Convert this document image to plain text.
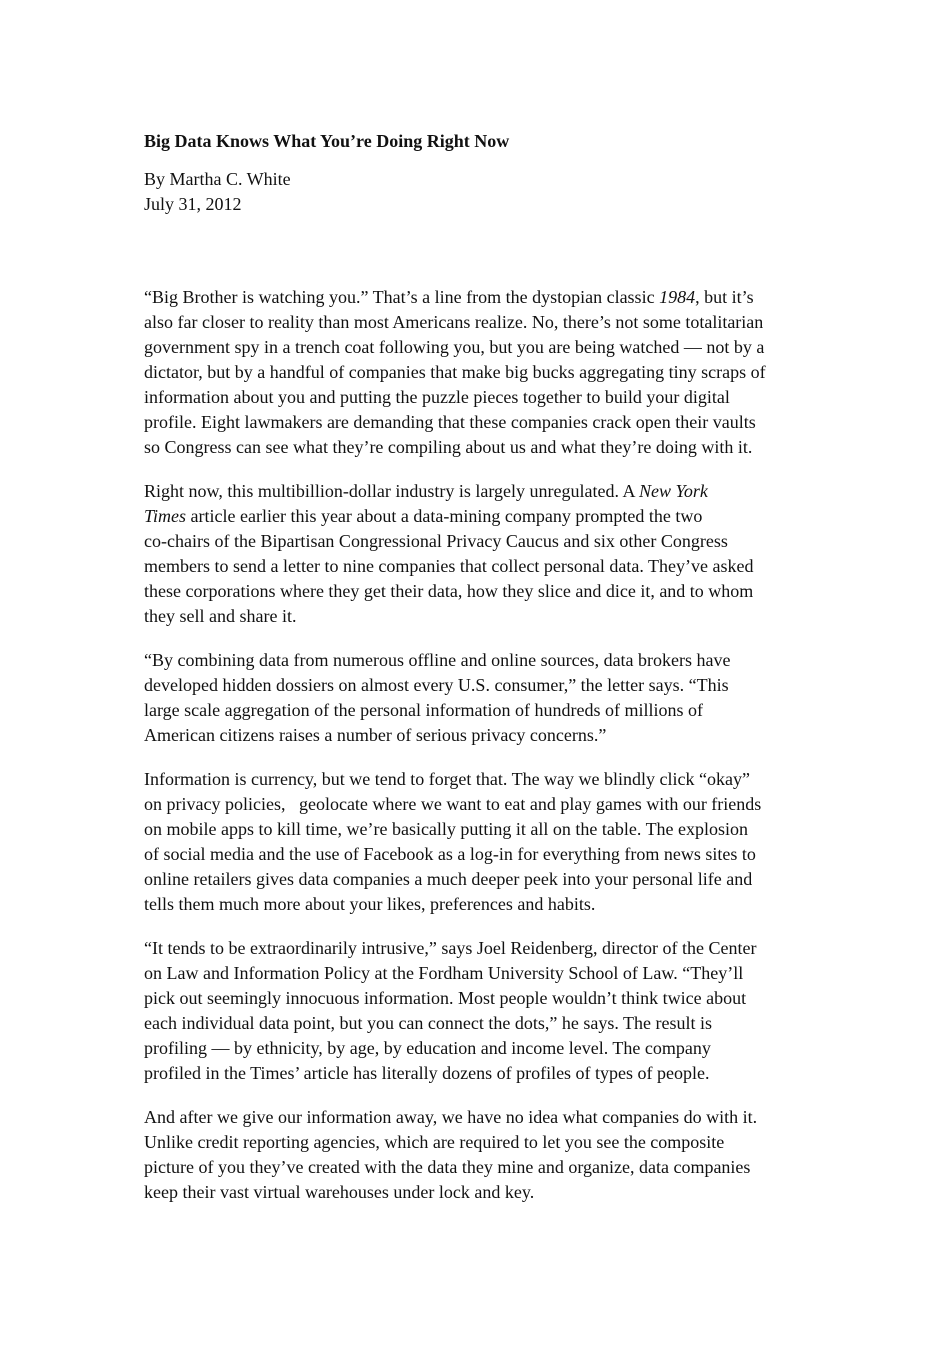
Big Data Knows What You’re Doing Right Now
By Martha C. White
July 31, 2012

“Big Brother is watching you.” That’s a line from the dystopian classic 1984, but it’s
also far closer to reality than most Americans realize. No, there’s not some totalitarian
government spy in a trench coat following you, but you are being watched — not by a
dictator, but by a handful of companies that make big bucks aggregating tiny scraps of
information about you and putting the puzzle pieces together to build your digital
profile. Eight lawmakers are demanding that these companies crack open their vaults
so Congress can see what they’re compiling about us and what they’re doing with it.

Right now, this multibillion-dollar industry is largely unregulated. A New York
Times article earlier this year about a data-mining company prompted the two
co-chairs of the Bipartisan Congressional Privacy Caucus and six other Congress
members to send a letter to nine companies that collect personal data. They’ve asked
these corporations where they get their data, how they slice and dice it, and to whom
they sell and share it.

“By combining data from numerous offline and online sources, data brokers have
developed hidden dossiers on almost every U.S. consumer,” the letter says. “This
large scale aggregation of the personal information of hundreds of millions of
American citizens raises a number of serious privacy concerns.”

Information is currency, but we tend to forget that. The way we blindly click “okay”
on privacy policies,   geolocate where we want to eat and play games with our friends
on mobile apps to kill time, we’re basically putting it all on the table. The explosion
of social media and the use of Facebook as a log-in for everything from news sites to
online retailers gives data companies a much deeper peek into your personal life and
tells them much more about your likes, preferences and habits.

“It tends to be extraordinarily intrusive,” says Joel Reidenberg, director of the Center
on Law and Information Policy at the Fordham University School of Law. “They’ll
pick out seemingly innocuous information. Most people wouldn’t think twice about
each individual data point, but you can connect the dots,” he says. The result is
profiling — by ethnicity, by age, by education and income level. The company
profiled in the Times’ article has literally dozens of profiles of types of people.

And after we give our information away, we have no idea what companies do with it.
Unlike credit reporting agencies, which are required to let you see the composite
picture of you they’ve created with the data they mine and organize, data companies
keep their vast virtual warehouses under lock and key.
